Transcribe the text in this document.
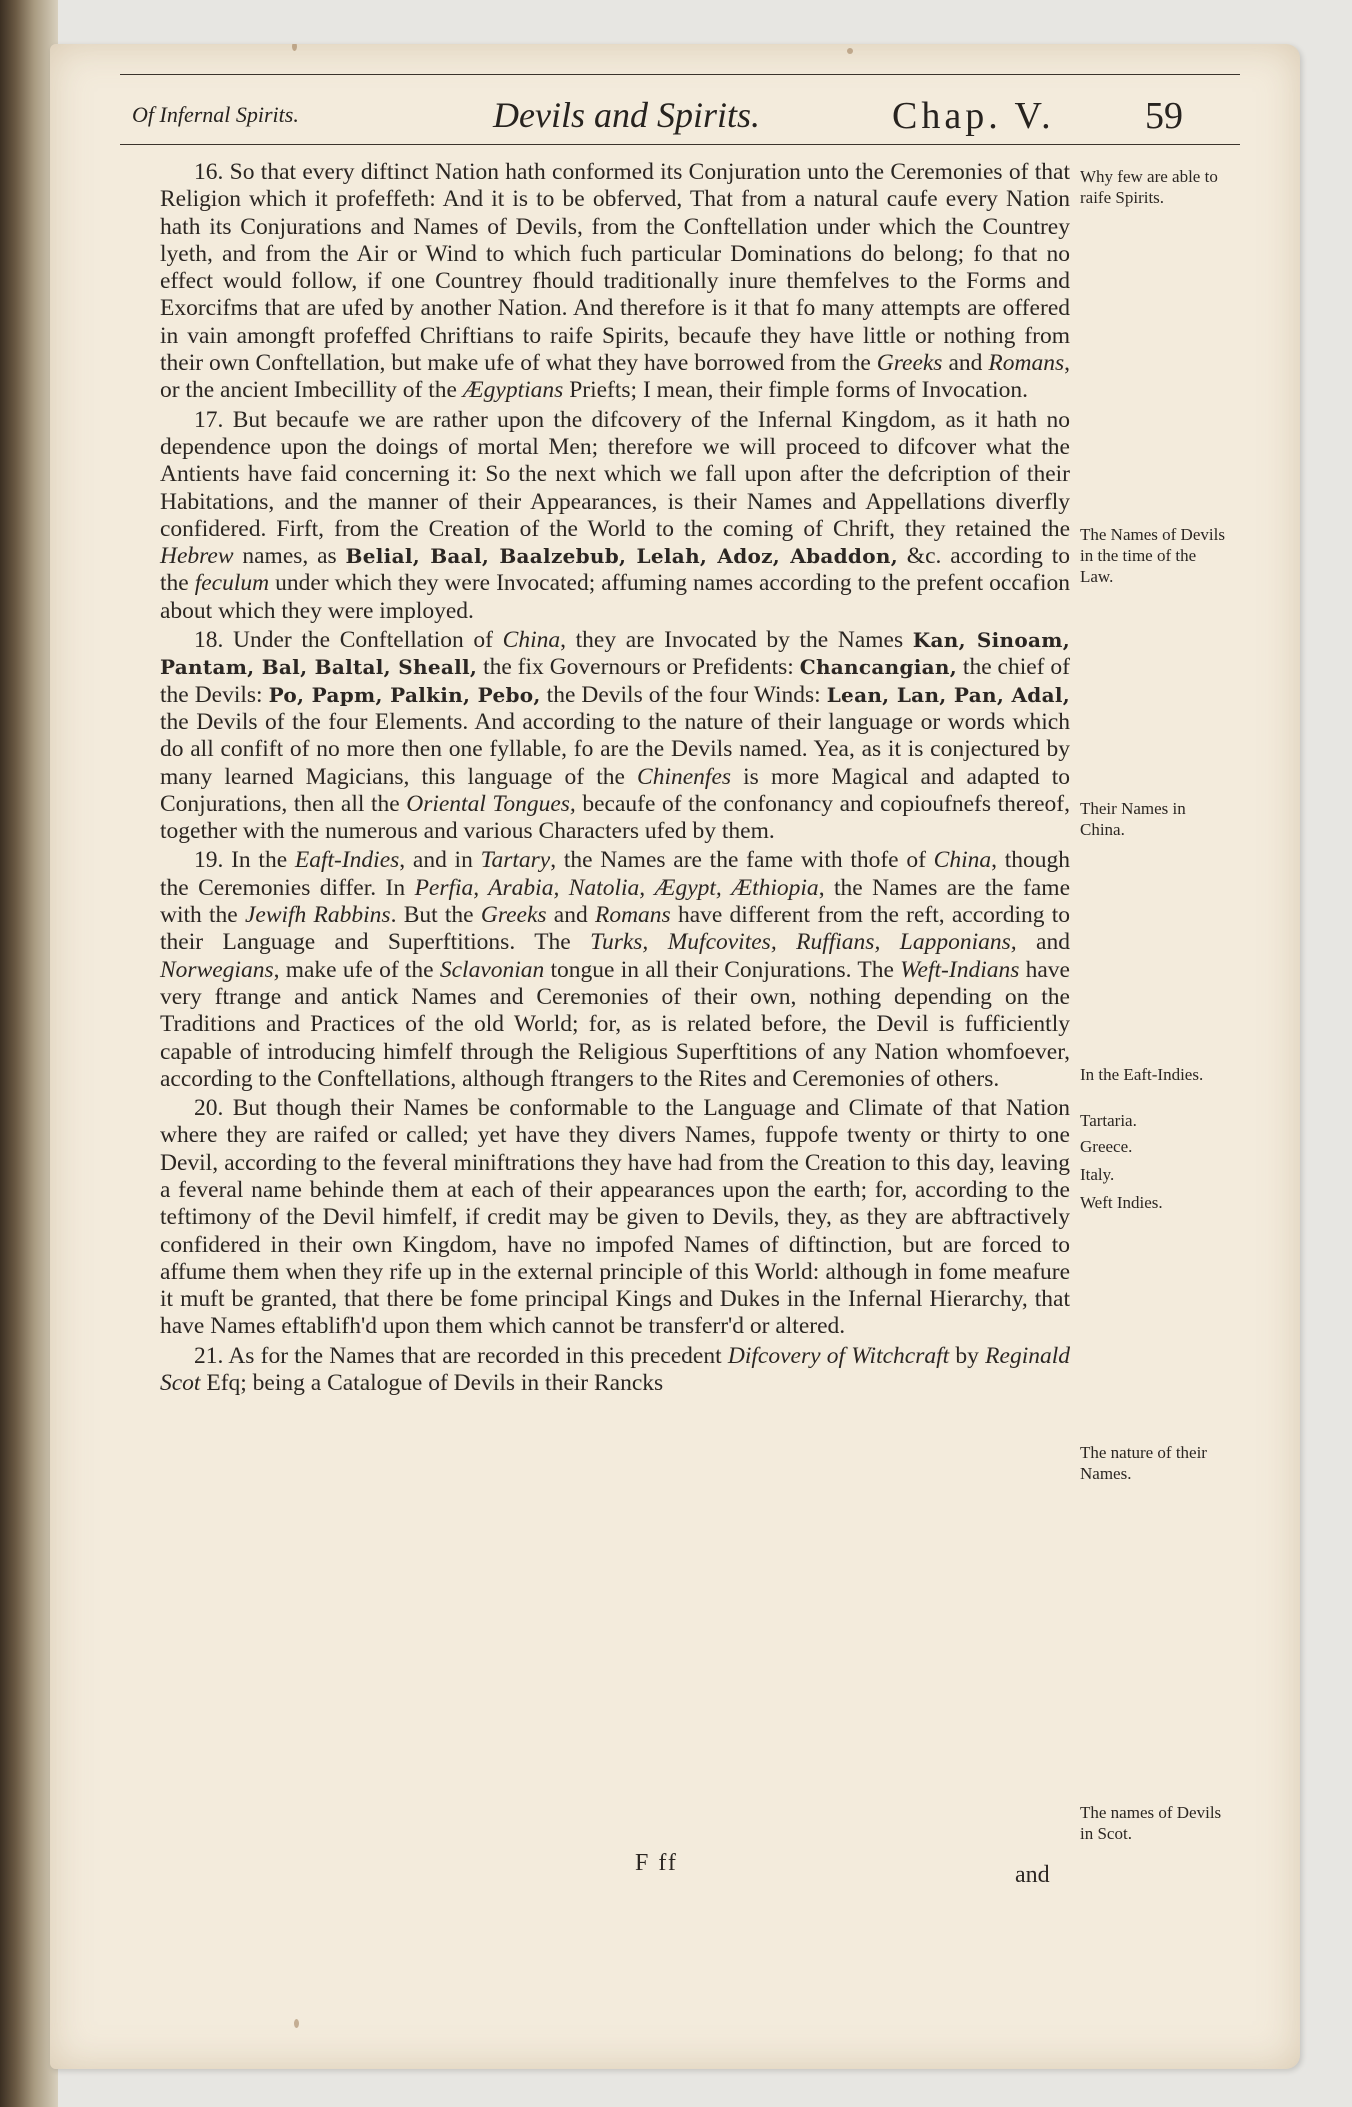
Of Infernal Spirits.	Devils and Spirits.	Chap. V. 59

16. So that every diftinct Nation hath conformed its Conjuration unto the Ceremonies of that Religion which it profeffeth: And it is to be obferved, That from a natural caufe every Nation hath its Conjurations and Names of Devils, from the Conftellation under which the Countrey lyeth, and from the Air or Wind to which fuch particular Dominations do belong; fo that no effect would follow, if one Countrey fhould traditionally inure themfelves to the Forms and Exorcifms that are ufed by another Nation. And therefore is it that fo many attempts are offered in vain amongft profeffed Chriftians to raife Spirits, becaufe they have little or nothing from their own Conftellation, but make ufe of what they have borrowed from the Greeks and Romans, or the ancient Imbecillity of the Ægyptians Priefts; I mean, their fimple forms of Invocation.

17. But becaufe we are rather upon the difcovery of the Infernal Kingdom, as it hath no dependence upon the doings of mortal Men; therefore we will proceed to difcover what the Antients have faid concerning it: So the next which we fall upon after the defcription of their Habitations, and the manner of their Appearances, is their Names and Appellations diverfly confidered. Firft, from the Creation of the World to the coming of Chrift, they retained the Hebrew names, as Belial, Baal, Baalzebub, Lelah, Adoz, Abaddon, &c. according to the feculum under which they were Invocated; affuming names according to the prefent occafion about which they were imployed.

18. Under the Conftellation of China, they are Invocated by the Names Kan, Sinoam, Pantam, Bal, Baltal, Sheall, the fix Governours or Prefidents: Chancangian, the chief of the Devils: Po, Papm, Palkin, Pebo, the Devils of the four Winds: Lean, Lan, Pan, Adal, the Devils of the four Elements. And according to the nature of their language or words which do all confift of no more then one fyllable, fo are the Devils named. Yea, as it is conjectured by many learned Magicians, this language of the Chinenfes is more Magical and adapted to Conjurations, then all the Oriental Tongues, becaufe of the confonancy and copioufnefs thereof, together with the numerous and various Characters ufed by them.

19. In the Eaft-Indies, and in Tartary, the Names are the fame with thofe of China, though the Ceremonies differ. In Perfia, Arabia, Natolia, Ægypt, Æthiopia, the Names are the fame with the Jewifh Rabbins. But the Greeks and Romans have different from the reft, according to their Language and Superftitions. The Turks, Mufcovites, Ruffians, Lapponians, and Norwegians, make ufe of the Sclavonian tongue in all their Conjurations. The Weft-Indians have very ftrange and antick Names and Ceremonies of their own, nothing depending on the Traditions and Practices of the old World; for, as is related before, the Devil is fufficiently capable of introducing himfelf through the Religious Superftitions of any Nation whomfoever, according to the Conftellations, although ftrangers to the Rites and Ceremonies of others.

20. But though their Names be conformable to the Language and Climate of that Nation where they are raifed or called; yet have they divers Names, fuppofe twenty or thirty to one Devil, according to the feveral miniftrations they have had from the Creation to this day, leaving a feveral name behinde them at each of their appearances upon the earth; for, according to the teftimony of the Devil himfelf, if credit may be given to Devils, they, as they are abftractively confidered in their own Kingdom, have no impofed Names of diftinction, but are forced to affume them when they rife up in the external principle of this World: although in fome meafure it muft be granted, that there be fome principal Kings and Dukes in the Infernal Hierarchy, that have Names eftablifh'd upon them which cannot be transferr'd or altered.

21. As for the Names that are recorded in this precedent Difcovery of Witchcraft by Reginald Scot Efq; being a Catalogue of Devils in their Rancks

Why few are able to raife Spirits.
The Names of Devils in the time of the Law.
Their Names in China.
In the Eaft-Indies.
Tartaria.
Greece.
Italy.
Weft Indies.
The nature of their Names.
The names of Devils in Scot.
F ff	and
